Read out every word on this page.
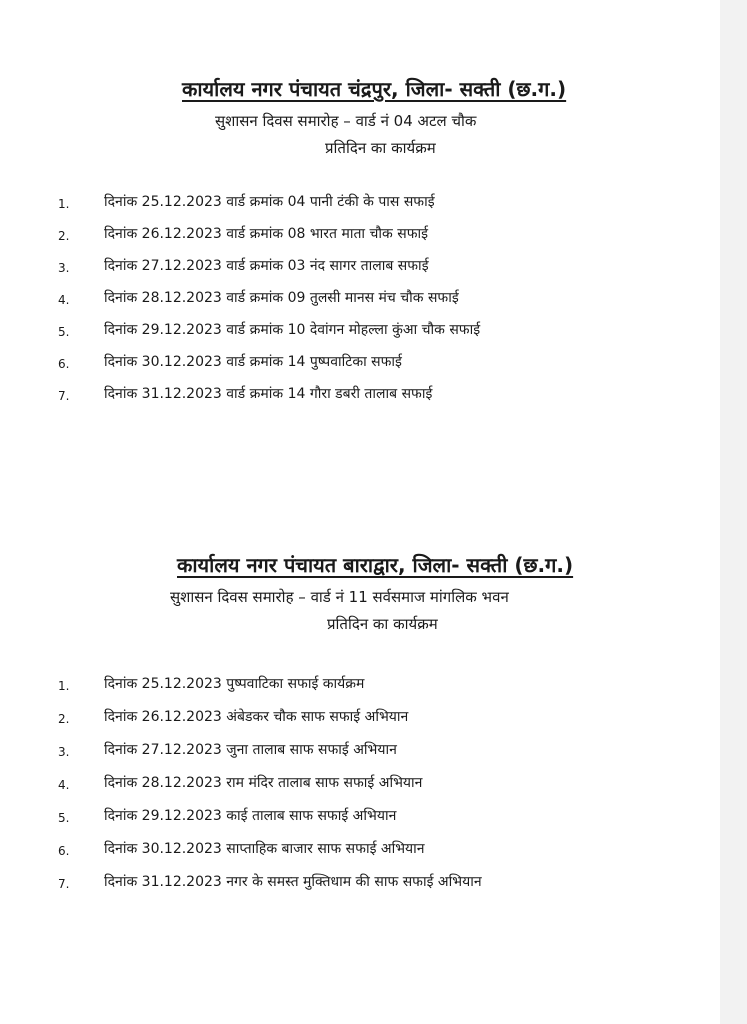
कार्यालय नगर पंचायत चंद्रपुर, जिला- सक्ती (छ.ग.)
सुशासन दिवस समारोह – वार्ड नं 04 अटल चौक
प्रतिदिन का कार्यक्रम
1.	दिनांक 25.12.2023 वार्ड क्रमांक 04 पानी टंकी के पास सफाई
2.	दिनांक 26.12.2023 वार्ड क्रमांक 08 भारत माता चौक सफाई
3.	दिनांक 27.12.2023 वार्ड क्रमांक 03 नंद सागर तालाब सफाई
4.	दिनांक 28.12.2023 वार्ड क्रमांक 09 तुलसी मानस मंच चौक सफाई
5.	दिनांक 29.12.2023 वार्ड क्रमांक 10 देवांगन मोहल्ला कुंआ चौक सफाई
6.	दिनांक 30.12.2023 वार्ड क्रमांक 14 पुष्पवाटिका सफाई
7.	दिनांक 31.12.2023 वार्ड क्रमांक 14 गौरा डबरी तालाब सफाई
कार्यालय नगर पंचायत बाराद्वार, जिला- सक्ती (छ.ग.)
सुशासन दिवस समारोह – वार्ड नं 11 सर्वसमाज मांगलिक भवन
प्रतिदिन का कार्यक्रम
1.	दिनांक 25.12.2023 पुष्पवाटिका सफाई कार्यक्रम
2.	दिनांक 26.12.2023 अंबेडकर चौक साफ सफाई अभियान
3.	दिनांक 27.12.2023 जुना तालाब साफ सफाई अभियान
4.	दिनांक 28.12.2023 राम मंदिर तालाब साफ सफाई अभियान
5.	दिनांक 29.12.2023 काई तालाब साफ सफाई अभियान
6.	दिनांक 30.12.2023 साप्ताहिक बाजार साफ सफाई अभियान
7.	दिनांक 31.12.2023 नगर के समस्त मुक्तिधाम की साफ सफाई अभियान
